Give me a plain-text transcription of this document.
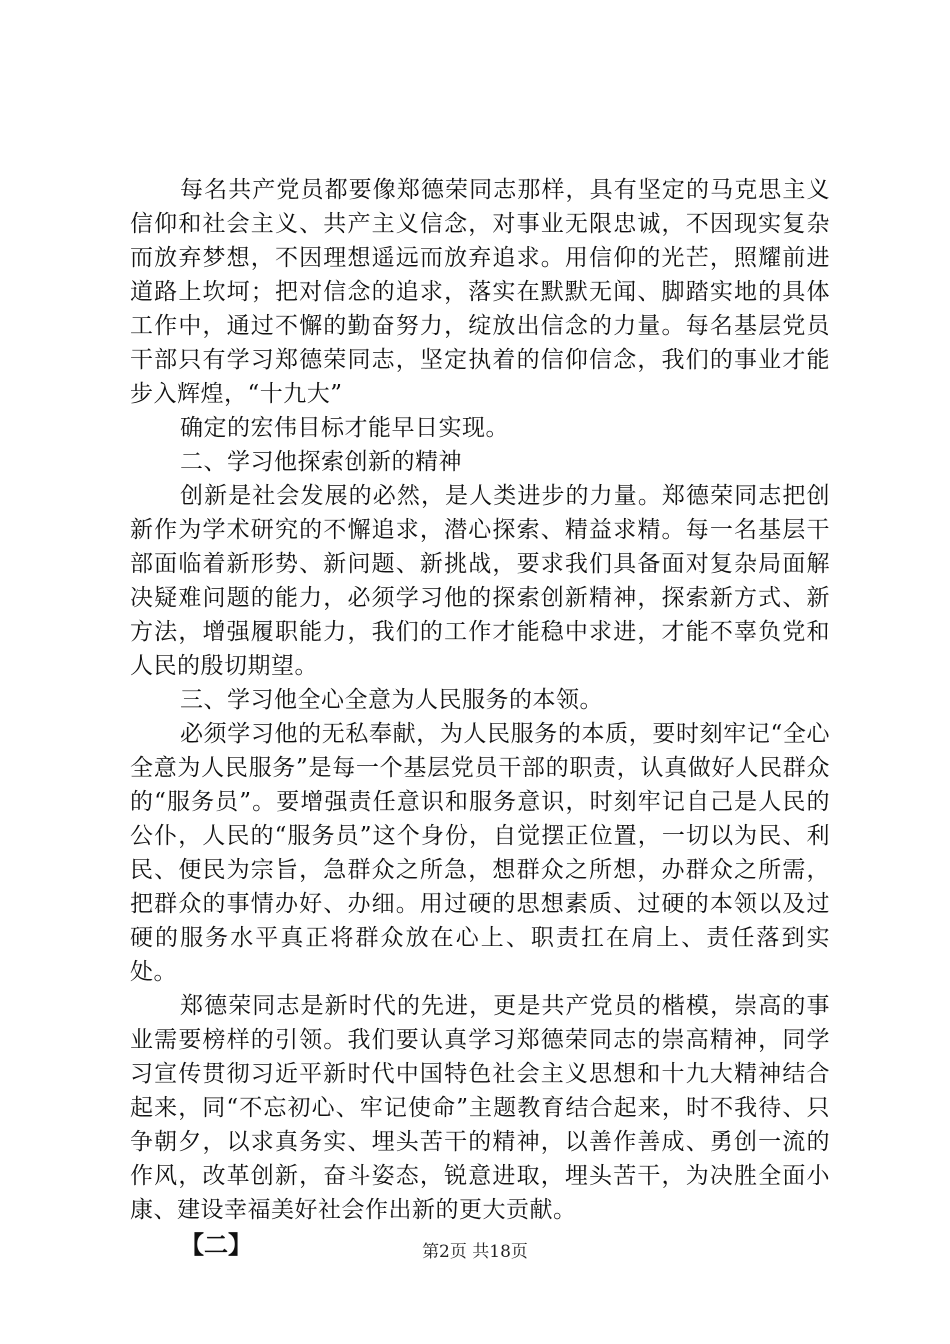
每名共产党员都要像郑德荣同志那样，具有坚定的马克思主义信仰和社会主义、共产主义信念，对事业无限忠诚，不因现实复杂而放弃梦想，不因理想遥远而放弃追求。用信仰的光芒，照耀前进道路上坎坷；把对信念的追求，落实在默默无闻、脚踏实地的具体工作中，通过不懈的勤奋努力，绽放出信念的力量。每名基层党员干部只有学习郑德荣同志，坚定执着的信仰信念，我们的事业才能步入辉煌，“十九大”

确定的宏伟目标才能早日实现。

二、学习他探索创新的精神

创新是社会发展的必然，是人类进步的力量。郑德荣同志把创新作为学术研究的不懈追求，潜心探索、精益求精。每一名基层干部面临着新形势、新问题、新挑战，要求我们具备面对复杂局面解决疑难问题的能力，必须学习他的探索创新精神，探索新方式、新方法，增强履职能力，我们的工作才能稳中求进，才能不辜负党和人民的殷切期望。

三、学习他全心全意为人民服务的本领。

必须学习他的无私奉献，为人民服务的本质，要时刻牢记“全心全意为人民服务”是每一个基层党员干部的职责，认真做好人民群众的“服务员”。要增强责任意识和服务意识，时刻牢记自己是人民的公仆，人民的“服务员”这个身份，自觉摆正位置，一切以为民、利民、便民为宗旨，急群众之所急，想群众之所想，办群众之所需，把群众的事情办好、办细。用过硬的思想素质、过硬的本领以及过硬的服务水平真正将群众放在心上、职责扛在肩上、责任落到实处。

郑德荣同志是新时代的先进，更是共产党员的楷模，崇高的事业需要榜样的引领。我们要认真学习郑德荣同志的崇高精神，同学习宣传贯彻习近平新时代中国特色社会主义思想和十九大精神结合起来，同“不忘初心、牢记使命”主题教育结合起来，时不我待、只争朝夕，以求真务实、埋头苦干的精神，以善作善成、勇创一流的作风，改革创新，奋斗姿态，锐意进取，埋头苦干，为决胜全面小康、建设幸福美好社会作出新的更大贡献。

【二】	第2页 共18页
